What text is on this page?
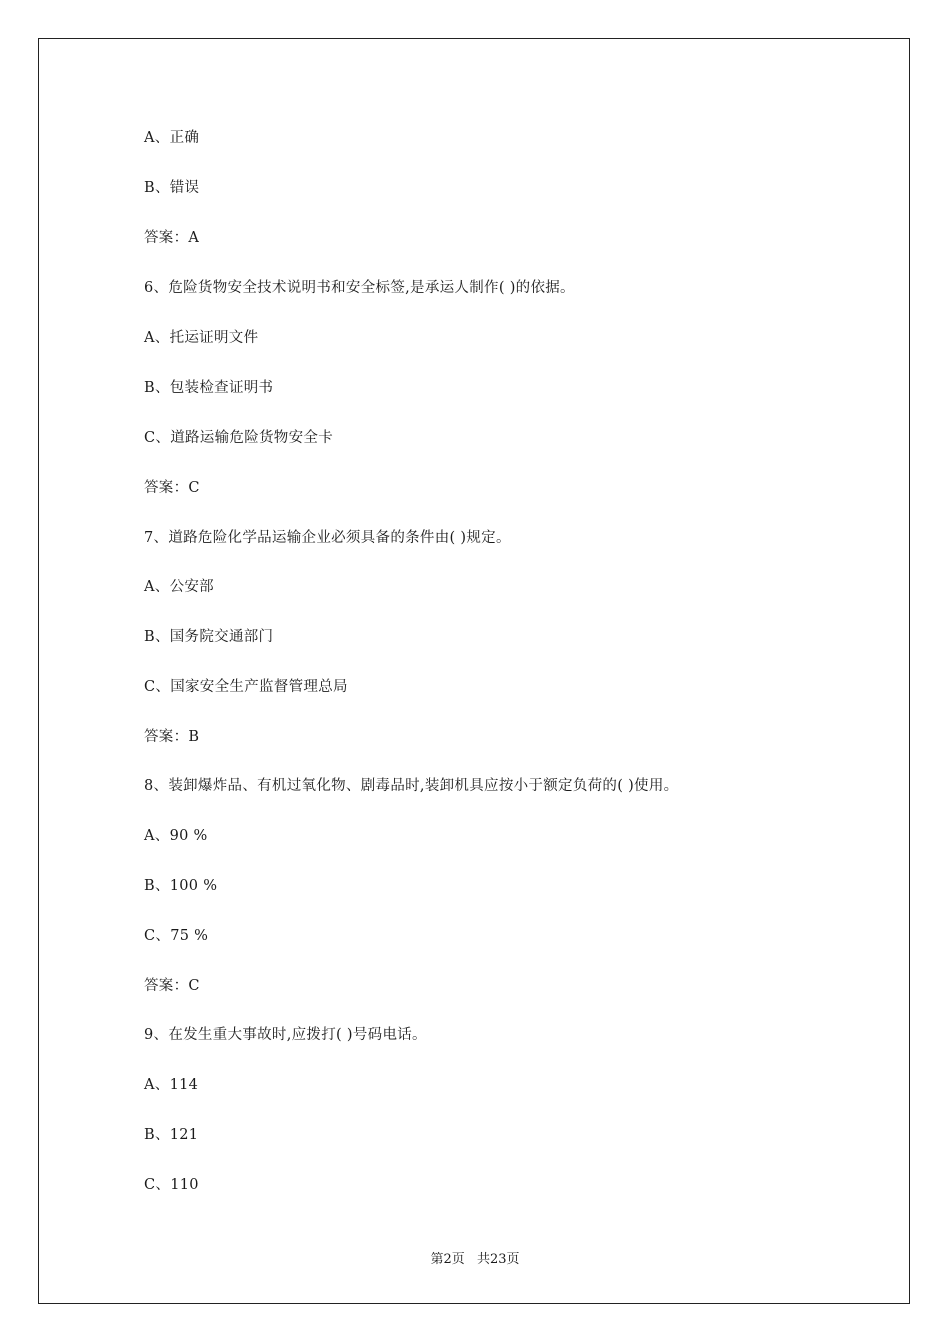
A、正确
B、错误
答案：A
6、危险货物安全技术说明书和安全标签,是承运人制作( )的依据。
A、托运证明文件
B、包装检查证明书
C、道路运输危险货物安全卡
答案：C
7、道路危险化学品运输企业必须具备的条件由( )规定。
A、公安部
B、国务院交通部门
C、国家安全生产监督管理总局
答案：B
8、装卸爆炸品、有机过氧化物、剧毒品时,装卸机具应按小于额定负荷的( )使用。
A、90 %
B、100 %
C、75 %
答案：C
9、在发生重大事故时,应拨打( )号码电话。
A、114
B、121
C、110
第2页 共23页
